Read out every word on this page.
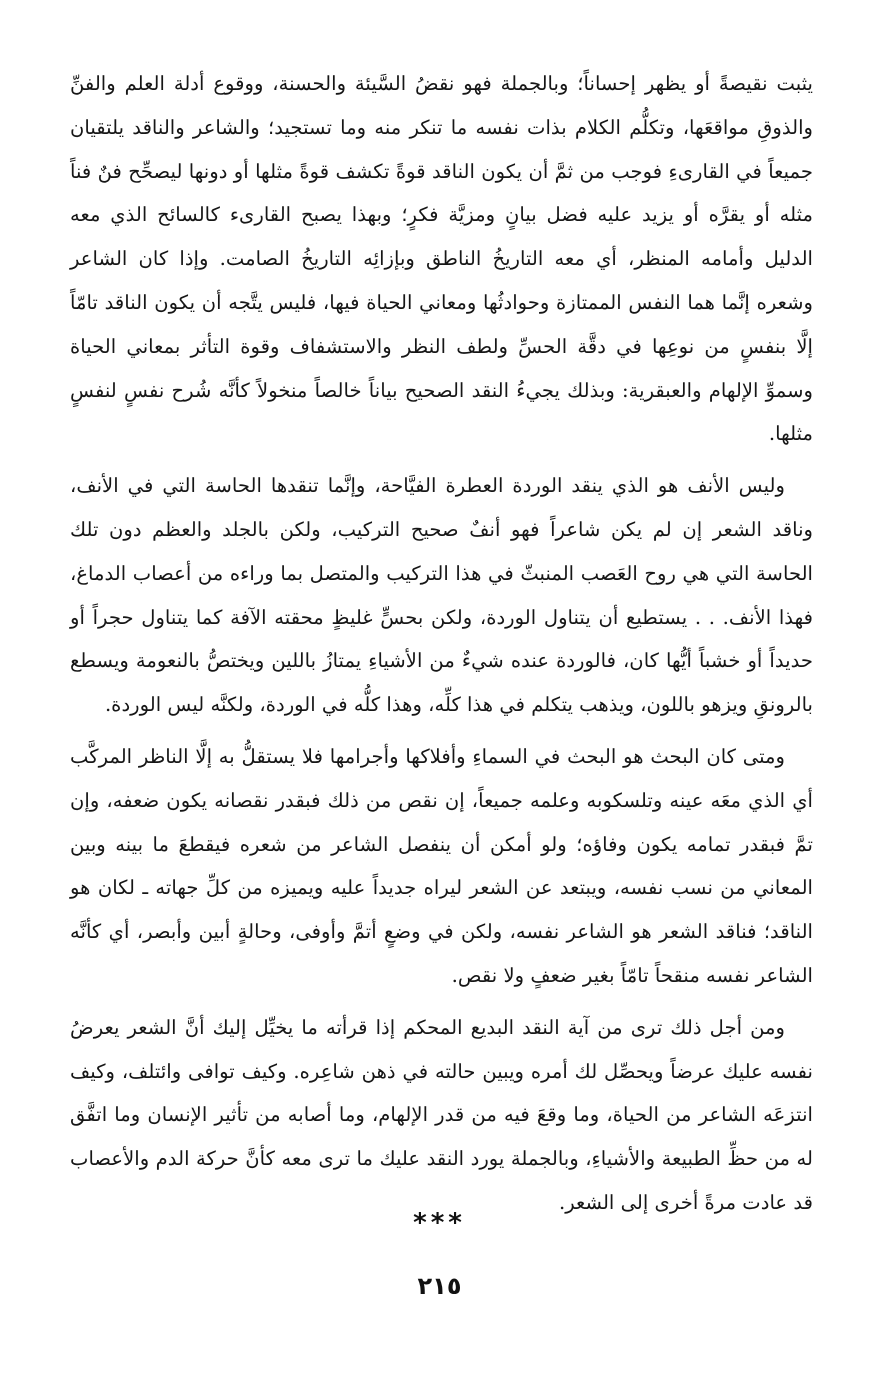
يثبت نقيصةً أو يظهر إحساناً؛ وبالجملة فهو نقضُ السَّيئة والحسنة، ووقوع أدلة العلم والفنِّ والذوقِ مواقعَها، وتكلُّم الكلام بذات نفسه ما تنكر منه وما تستجيد؛ والشاعر والناقد يلتقيان جميعاً في القارىءِ فوجب من ثمَّ أن يكون الناقد قوةً تكشف قوةً مثلها أو دونها ليصحِّح فنٌ فناً مثله أو يقرَّه أو يزيد عليه فضل بيانٍ ومزيَّة فكرٍ؛ وبهذا يصبح القارىء كالسائح الذي معه الدليل وأمامه المنظر، أي معه التاريخُ الناطق وبإزائِه التاريخُ الصامت. وإذا كان الشاعر وشعره إنَّما هما النفس الممتازة وحوادثُها ومعاني الحياة فيها، فليس يتَّجه أن يكون الناقد تامّاً إلَّا بنفسٍ من نوعِها في دقَّة الحسِّ ولطف النظر والاستشفاف وقوة التأثر بمعاني الحياة وسموِّ الإلهام والعبقرية: وبذلك يجيءُ النقد الصحيح بياناً خالصاً منخولاً كأنَّه شُرح نفسٍ لنفسٍ مثلها.

وليس الأنف هو الذي ينقد الوردة العطرة الفيَّاحة، وإنَّما تنقدها الحاسة التي في الأنف، وناقد الشعر إن لم يكن شاعراً فهو أنفٌ صحيح التركيب، ولكن بالجلد والعظم دون تلك الحاسة التي هي روح العَصب المنبثّ في هذا التركيب والمتصل بما وراءه من أعصاب الدماغ، فهذا الأنف. . . يستطيع أن يتناول الوردة، ولكن بحسٍّ غليظٍ محقته الآفة كما يتناول حجراً أو حديداً أو خشباً أيُّها كان، فالوردة عنده شيءٌ من الأشياءِ يمتازُ باللين ويختصُّ بالنعومة ويسطع بالرونقِ ويزهو باللون، ويذهب يتكلم في هذا كلِّه، وهذا كلُّه في الوردة، ولكنَّه ليس الوردة.

ومتى كان البحث هو البحث في السماءِ وأفلاكها وأجرامها فلا يستقلُّ به إلَّا الناظر المركَّب أي الذي معَه عينه وتلسكوبه وعلمه جميعاً، إن نقص من ذلك فبقدر نقصانه يكون ضعفه، وإن تمَّ فبقدر تمامه يكون وفاؤه؛ ولو أمكن أن ينفصل الشاعر من شعره فيقطعَ ما بينه وبين المعاني من نسب نفسه، ويبتعد عن الشعر ليراه جديداً عليه ويميزه من كلِّ جهاته ـ لكان هو الناقد؛ فناقد الشعر هو الشاعر نفسه، ولكن في وضعٍ أتمَّ وأوفى، وحالةٍ أبين وأبصر، أي كأنَّه الشاعر نفسه منقحاً تامّاً بغير ضعفٍ ولا نقص.

ومن أجل ذلك ترى من آية النقد البديع المحكم إذا قرأته ما يخيِّل إليك أنَّ الشعر يعرضُ نفسه عليك عرضاً ويحصِّل لك أمره ويبين حالته في ذهن شاعِره. وكيف توافى وائتلف، وكيف انتزعَه الشاعر من الحياة، وما وقعَ فيه من قدر الإلهام، وما أصابه من تأثير الإنسان وما اتفَّق له من حظِّ الطبيعة والأشياءِ، وبالجملة يورد النقد عليك ما ترى معه كأنَّ حركة الدم والأعصاب قد عادت مرةً أخرى إلى الشعر.

***
٢١٥
